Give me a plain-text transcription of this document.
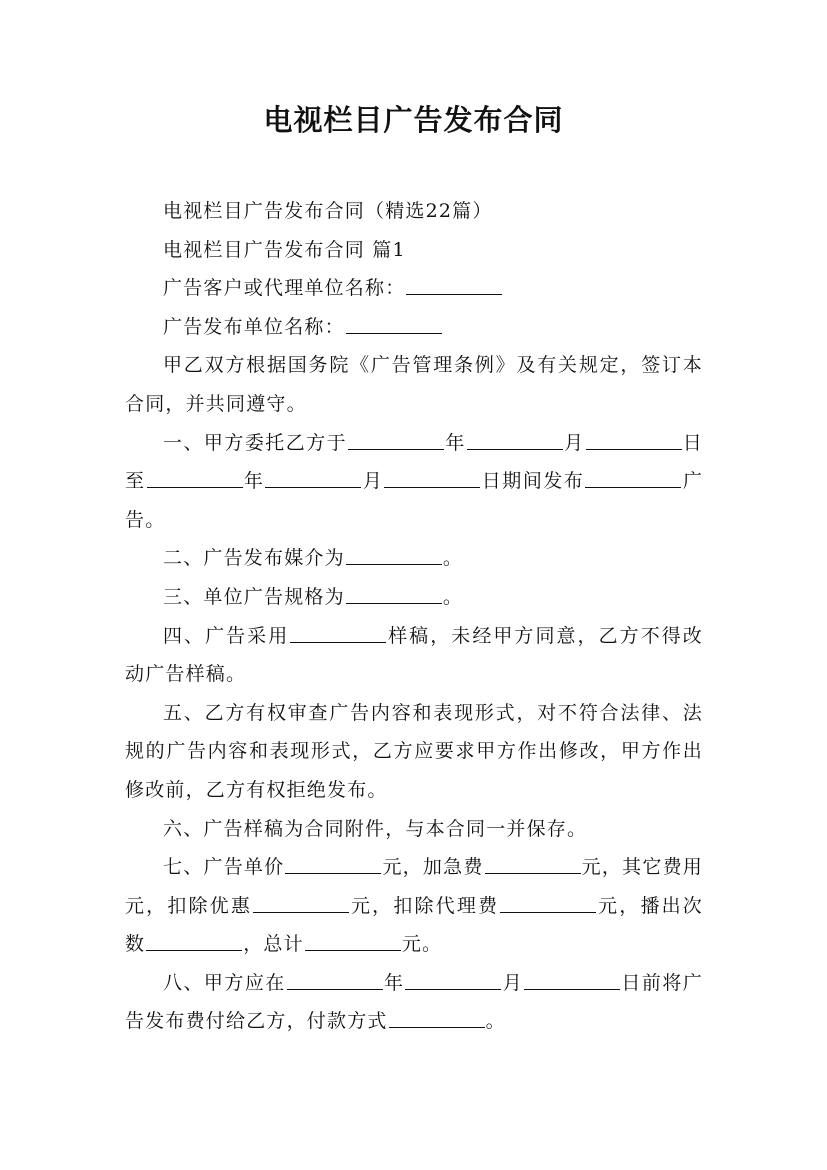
电视栏目广告发布合同

电视栏目广告发布合同（精选22篇）

电视栏目广告发布合同 篇1

广告客户或代理单位名称：

广告发布单位名称：

甲乙双方根据国务院《广告管理条例》及有关规定，签订本合同，并共同遵守。

一、甲方委托乙方于	年	月	日至	年	月	日期间发布	广告。

二、广告发布媒介为	。

三、单位广告规格为	。

四、广告采用	样稿，未经甲方同意，乙方不得改动广告样稿。

五、乙方有权审查广告内容和表现形式，对不符合法律、法规的广告内容和表现形式，乙方应要求甲方作出修改，甲方作出修改前，乙方有权拒绝发布。

六、广告样稿为合同附件，与本合同一并保存。

七、广告单价	元，加急费	元，其它费用元，扣除优惠	元，扣除代理费	元，播出次数	，总计	元。

八、甲方应在	年	月	日前将广告发布费付给乙方，付款方式	。
